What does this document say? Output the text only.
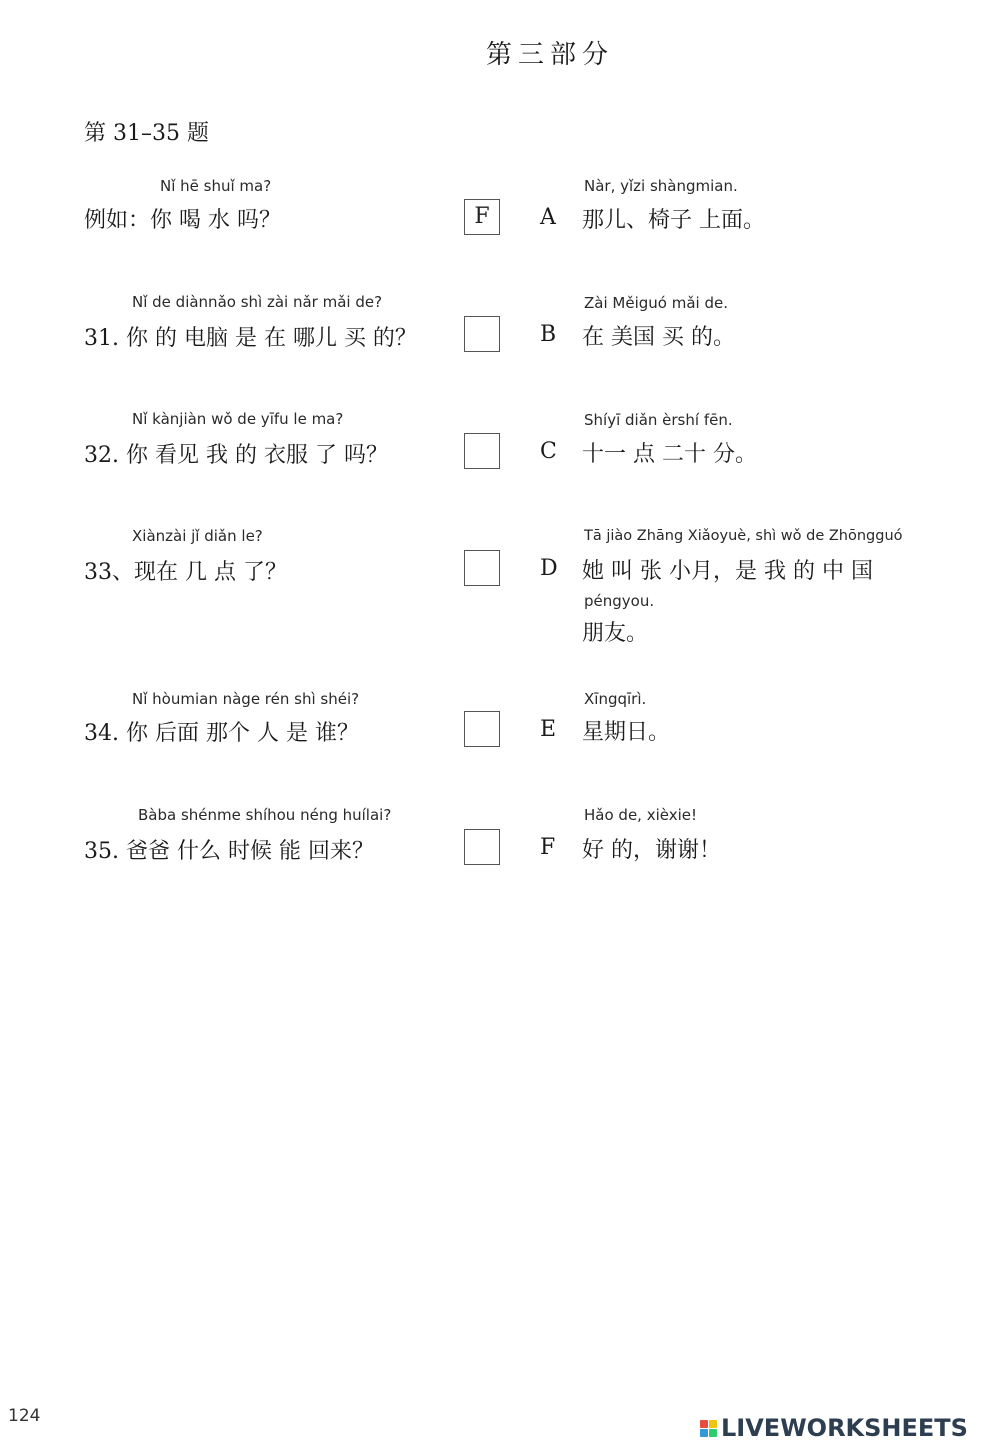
第三部分
第 31–35 题
Nǐ hē shuǐ ma?
例如：你 喝 水 吗？	F
Nǐ de diànnǎo shì zài nǎr mǎi de?
31. 你 的 电脑 是 在 哪儿 买 的？
Nǐ kànjiàn wǒ de yīfu le ma?
32. 你 看见 我 的 衣服 了 吗？
Xiànzài jǐ diǎn le?
33、现在 几 点 了？
Nǐ hòumian nàge rén shì shéi?
34. 你 后面 那个 人 是 谁？
Bàba shénme shíhou néng huílai?
35. 爸爸 什么 时候 能 回来？
A
Nàr, yǐzi shàngmian.
那儿、椅子 上面。
B
Zài Měiguó mǎi de.
在 美国 买 的。
C
Shíyī diǎn èrshí fēn.
十一 点 二十 分。
D
Tā jiào Zhāng Xiǎoyuè, shì wǒ de Zhōngguó
她 叫 张 小月，是 我 的 中 国
péngyou.
朋友。
E
Xīngqīrì.
星期日。
F
Hǎo de, xièxie!
好 的，谢谢！
124	LIVEWORKSHEETS
